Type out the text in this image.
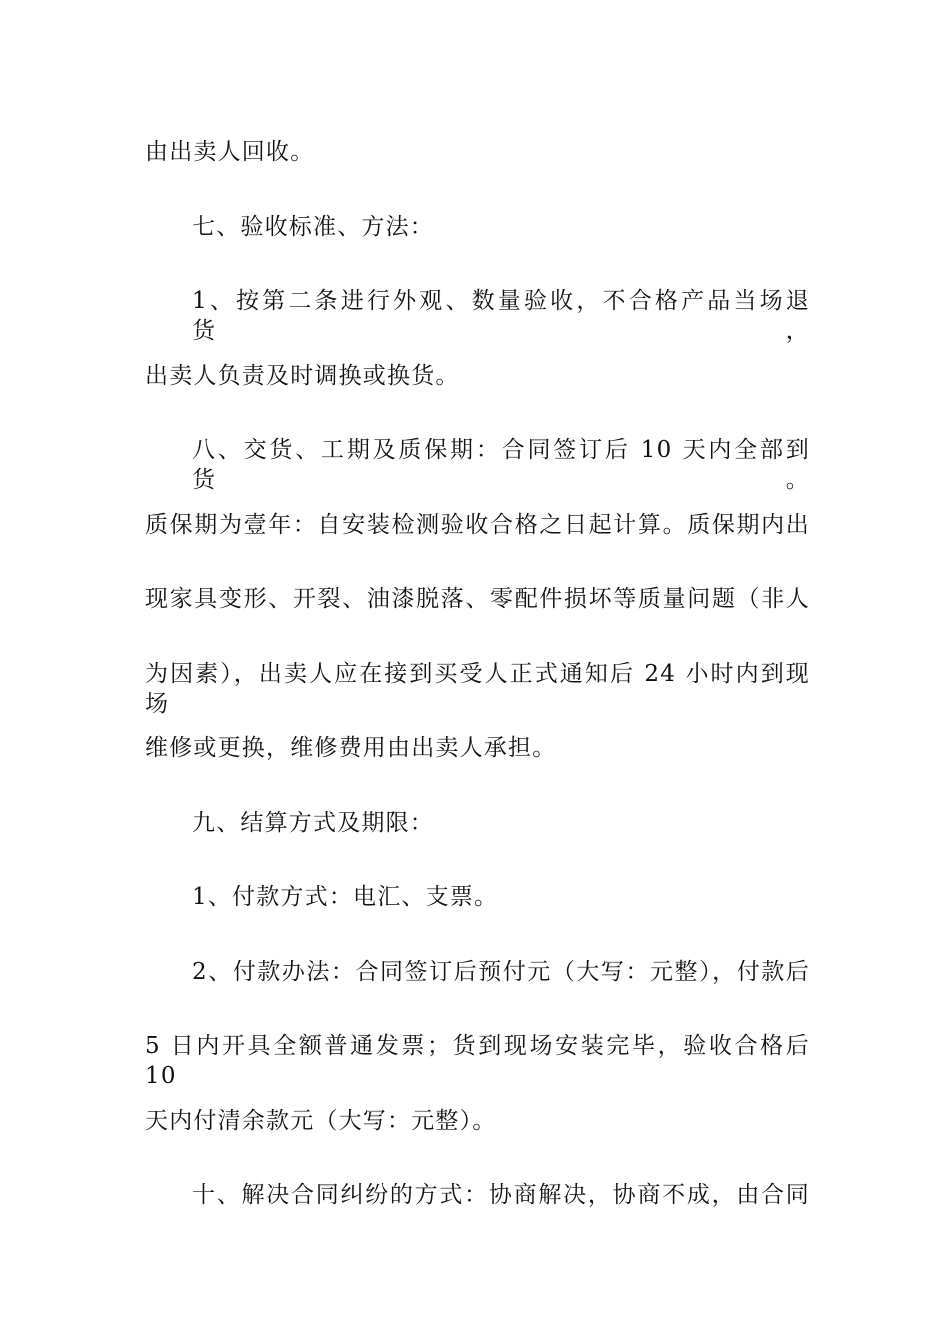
由出卖人回收。
七、验收标准、方法：
1、按第二条进行外观、数量验收，不合格产品当场退货，
出卖人负责及时调换或换货。
八、交货、工期及质保期：合同签订后 10 天内全部到货。
质保期为壹年：自安装检测验收合格之日起计算。质保期内出
现家具变形、开裂、油漆脱落、零配件损坏等质量问题（非人
为因素），出卖人应在接到买受人正式通知后 24 小时内到现场
维修或更换，维修费用由出卖人承担。
九、结算方式及期限：
1、付款方式：电汇、支票。
2、付款办法：合同签订后预付元（大写：元整），付款后
5 日内开具全额普通发票；货到现场安装完毕，验收合格后 10
天内付清余款元（大写：元整）。
十、解决合同纠纷的方式：协商解决，协商不成，由合同
